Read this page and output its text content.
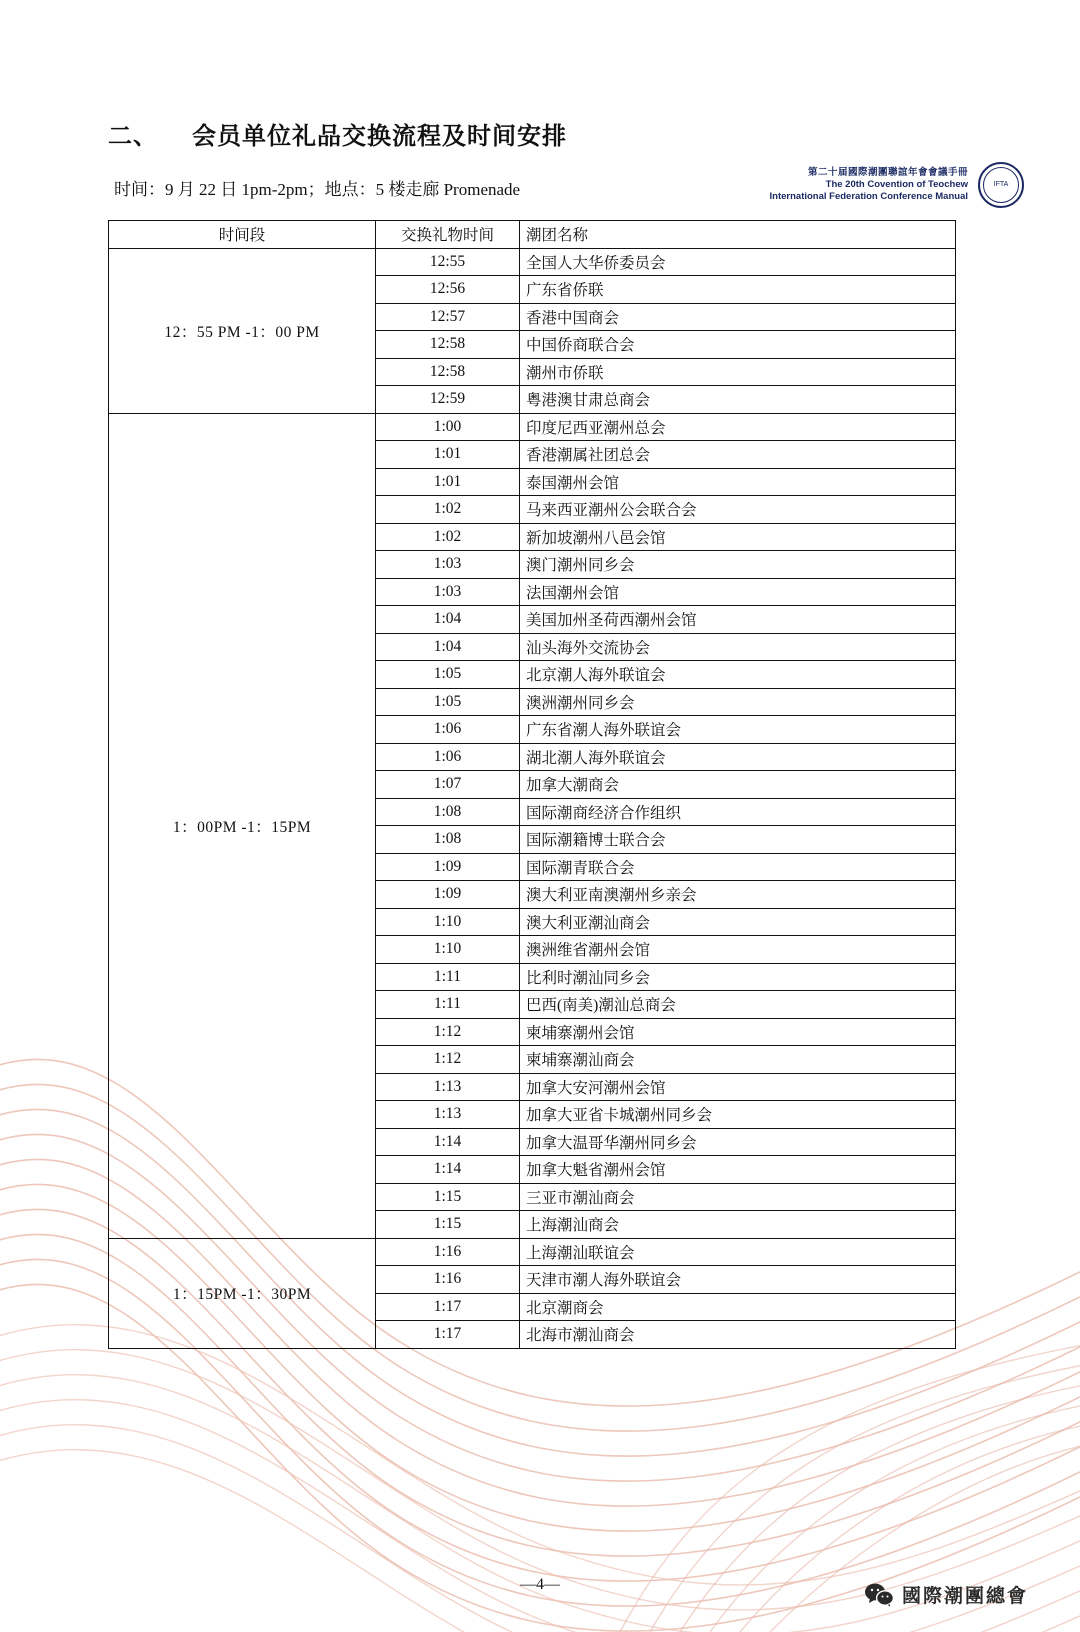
第二十届國際潮團聯誼年會會議手冊
The 20th Covention of Teochew
International Federation Conference Manual
IFTA
二、 会员单位礼品交换流程及时间安排
时间：9 月 22 日 1pm-2pm；地点：5 楼走廊 Promenade
时间段	交换礼物时间	潮团名称
12：55 PM -1：00 PM	12:55	全国人大华侨委员会
	12:56	广东省侨联
	12:57	香港中国商会
	12:58	中国侨商联合会
	12:58	潮州市侨联
	12:59	粤港澳甘肃总商会
1：00PM -1：15PM	1:00	印度尼西亚潮州总会
	1:01	香港潮属社团总会
	1:01	泰国潮州会馆
	1:02	马来西亚潮州公会联合会
	1:02	新加坡潮州八邑会馆
	1:03	澳门潮州同乡会
	1:03	法国潮州会馆
	1:04	美国加州圣荷西潮州会馆
	1:04	汕头海外交流协会
	1:05	北京潮人海外联谊会
	1:05	澳洲潮州同乡会
	1:06	广东省潮人海外联谊会
	1:06	湖北潮人海外联谊会
	1:07	加拿大潮商会
	1:08	国际潮商经济合作组织
	1:08	国际潮籍博士联合会
	1:09	国际潮青联合会
	1:09	澳大利亚南澳潮州乡亲会
	1:10	澳大利亚潮汕商会
	1:10	澳洲维省潮州会馆
	1:11	比利时潮汕同乡会
	1:11	巴西(南美)潮汕总商会
	1:12	柬埔寨潮州会馆
	1:12	柬埔寨潮汕商会
	1:13	加拿大安河潮州会馆
	1:13	加拿大亚省卡城潮州同乡会
	1:14	加拿大温哥华潮州同乡会
	1:14	加拿大魁省潮州会馆
	1:15	三亚市潮汕商会
	1:15	上海潮汕商会
1：15PM -1：30PM	1:16	上海潮汕联谊会
	1:16	天津市潮人海外联谊会
	1:17	北京潮商会
	1:17	北海市潮汕商会
—4—
國際潮團總會
